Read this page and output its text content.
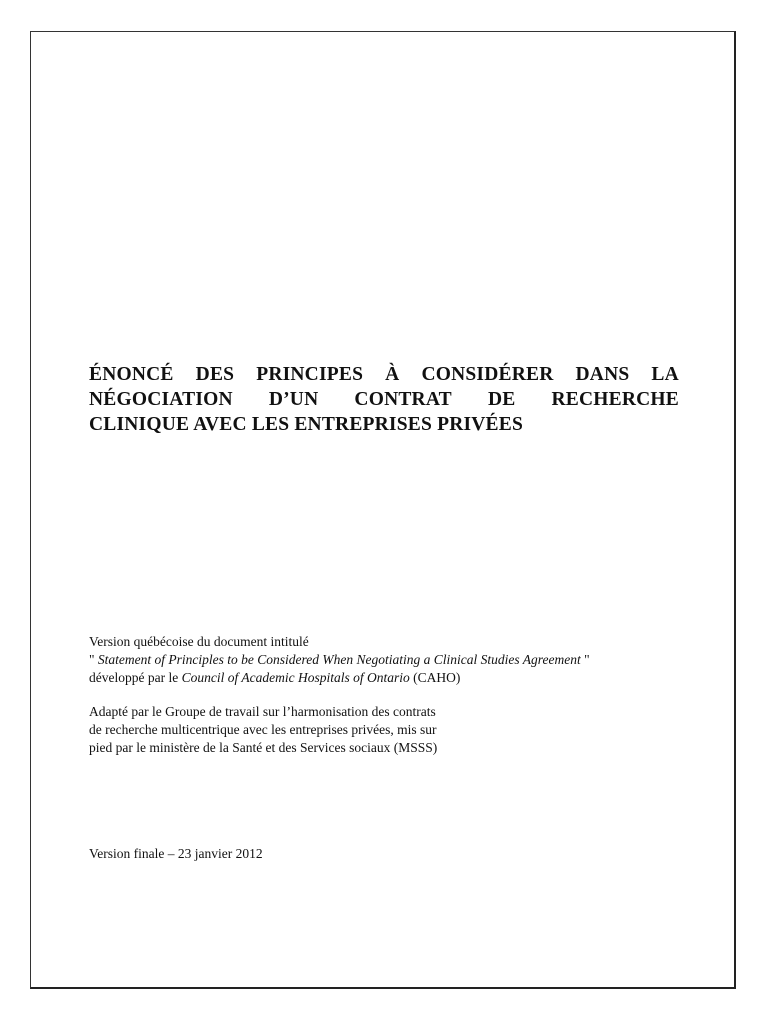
ÉNONCÉ DES PRINCIPES À CONSIDÉRER DANS LA
NÉGOCIATION D’UN CONTRAT DE RECHERCHE
CLINIQUE AVEC LES ENTREPRISES PRIVÉES
Version québécoise du document intitulé
" Statement of Principles to be Considered When Negotiating a Clinical Studies Agreement "
développé par le Council of Academic Hospitals of Ontario (CAHO)
Adapté par le Groupe de travail sur l’harmonisation des contrats
de recherche multicentrique avec les entreprises privées, mis sur
pied par le ministère de la Santé et des Services sociaux (MSSS)
Version finale – 23 janvier 2012
